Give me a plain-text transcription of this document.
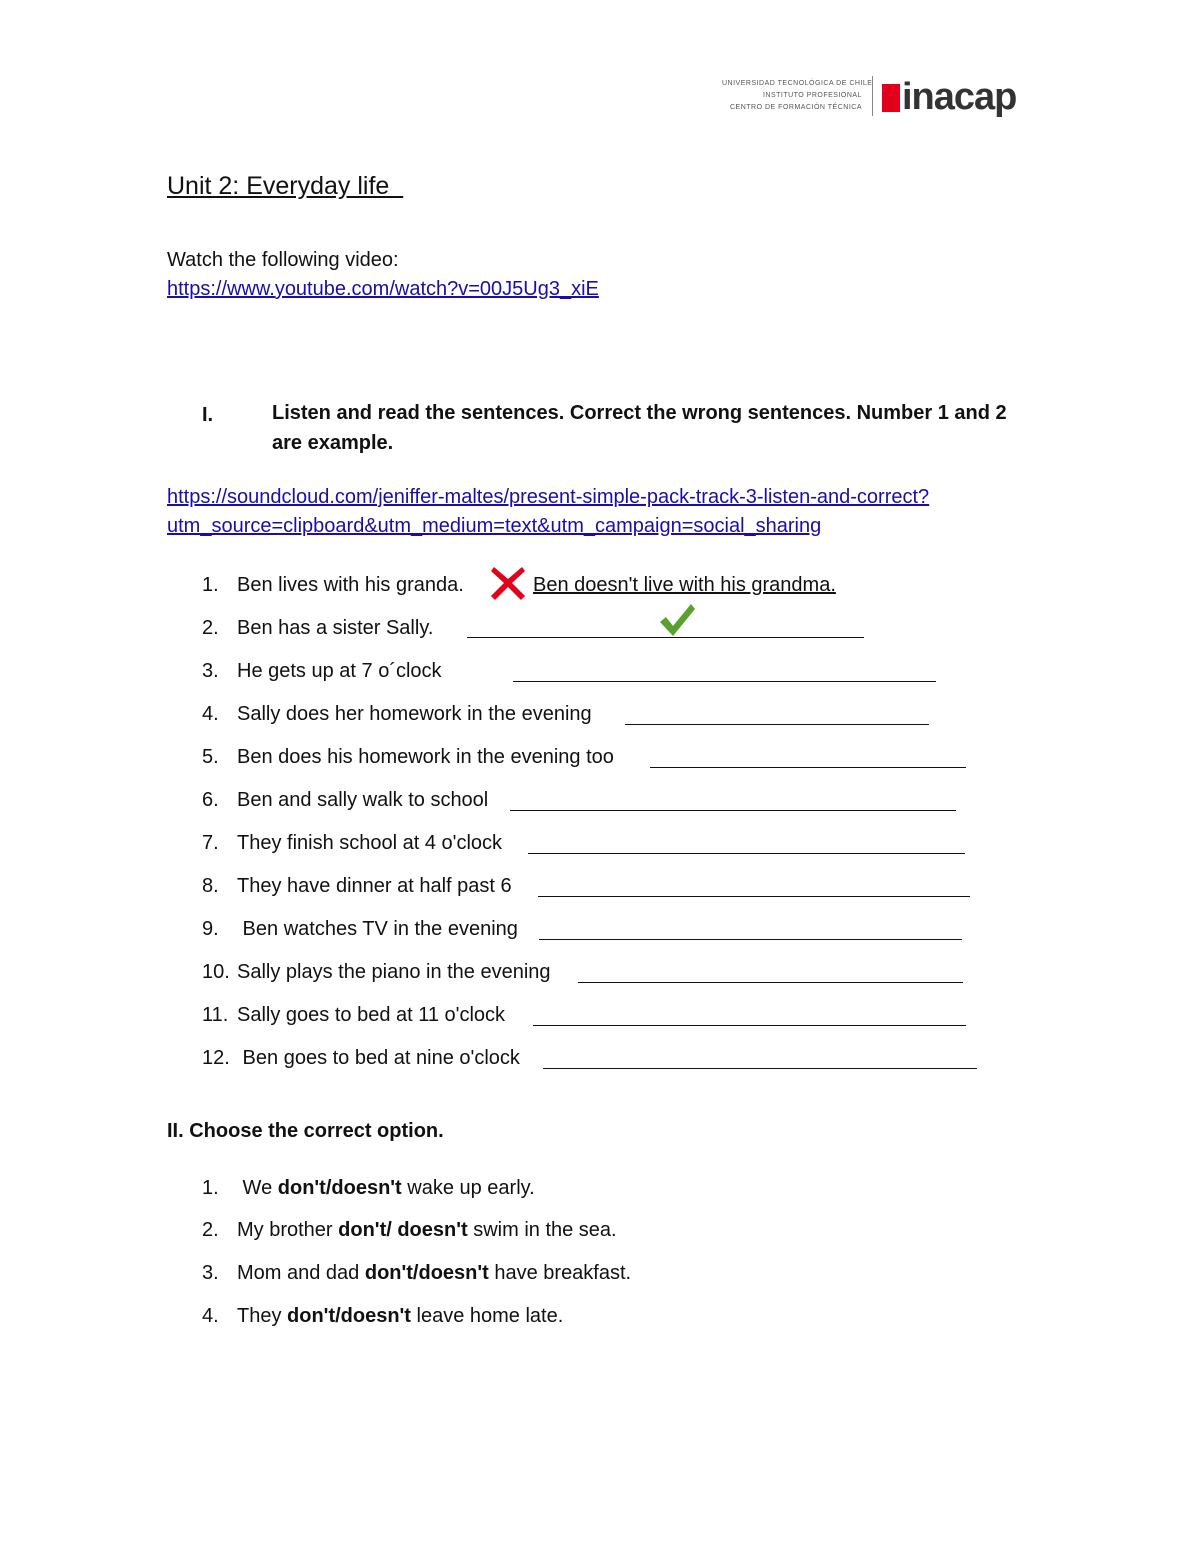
UNIVERSIDAD TECNOLÓGICA DE CHILE
INSTITUTO PROFESIONAL
CENTRO DE FORMACIÓN TÉCNICA inacap
Unit 2: Everyday life
Watch the following video:
https://www.youtube.com/watch?v=00J5Ug3_xiE
I.	Listen and read the sentences. Correct the wrong sentences. Number 1 and 2 are example.
https://soundcloud.com/jeniffer-maltes/present-simple-pack-track-3-listen-and-correct?
utm_source=clipboard&utm_medium=text&utm_campaign=social_sharing
1. Ben lives with his granda.	Ben doesn't live with his grandma.
2. Ben has a sister Sally.
3. He gets up at 7 o´clock
4. Sally does her homework in the evening
5. Ben does his homework in the evening too
6. Ben and sally walk to school
7. They finish school at 4 o'clock
8. They have dinner at half past 6
9. Ben watches TV in the evening
10. Sally plays the piano in the evening
11. Sally goes to bed at 11 o'clock
12. Ben goes to bed at nine o'clock
II. Choose the correct option.
1. We don't/doesn't wake up early.
2. My brother don't/ doesn't swim in the sea.
3. Mom and dad don't/doesn't have breakfast.
4. They don't/doesn't leave home late.
